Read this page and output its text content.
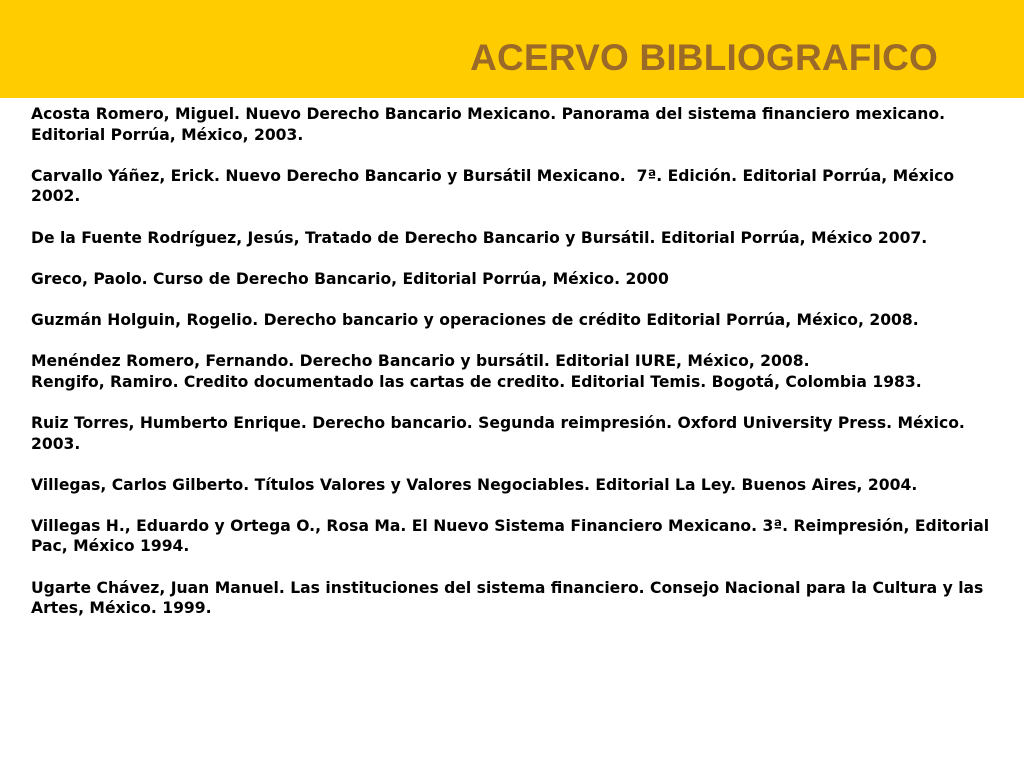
ACERVO BIBLIOGRAFICO

Acosta Romero, Miguel. Nuevo Derecho Bancario Mexicano. Panorama del sistema financiero mexicano. Editorial Porrúa, México, 2003.

Carvallo Yáñez, Erick. Nuevo Derecho Bancario y Bursátil Mexicano.  7ª. Edición. Editorial Porrúa, México 2002.

De la Fuente Rodríguez, Jesús, Tratado de Derecho Bancario y Bursátil. Editorial Porrúa, México 2007.

Greco, Paolo. Curso de Derecho Bancario, Editorial Porrúa, México. 2000

Guzmán Holguin, Rogelio. Derecho bancario y operaciones de crédito Editorial Porrúa, México, 2008.

Menéndez Romero, Fernando. Derecho Bancario y bursátil. Editorial IURE, México, 2008.

Rengifo, Ramiro. Credito documentado las cartas de credito. Editorial Temis. Bogotá, Colombia 1983.

Ruiz Torres, Humberto Enrique. Derecho bancario. Segunda reimpresión. Oxford University Press. México. 2003.

Villegas, Carlos Gilberto. Títulos Valores y Valores Negociables. Editorial La Ley. Buenos Aires, 2004.

Villegas H., Eduardo y Ortega O., Rosa Ma. El Nuevo Sistema Financiero Mexicano. 3ª. Reimpresión, Editorial Pac, México 1994.

Ugarte Chávez, Juan Manuel. Las instituciones del sistema financiero. Consejo Nacional para la Cultura y las Artes, México. 1999.
